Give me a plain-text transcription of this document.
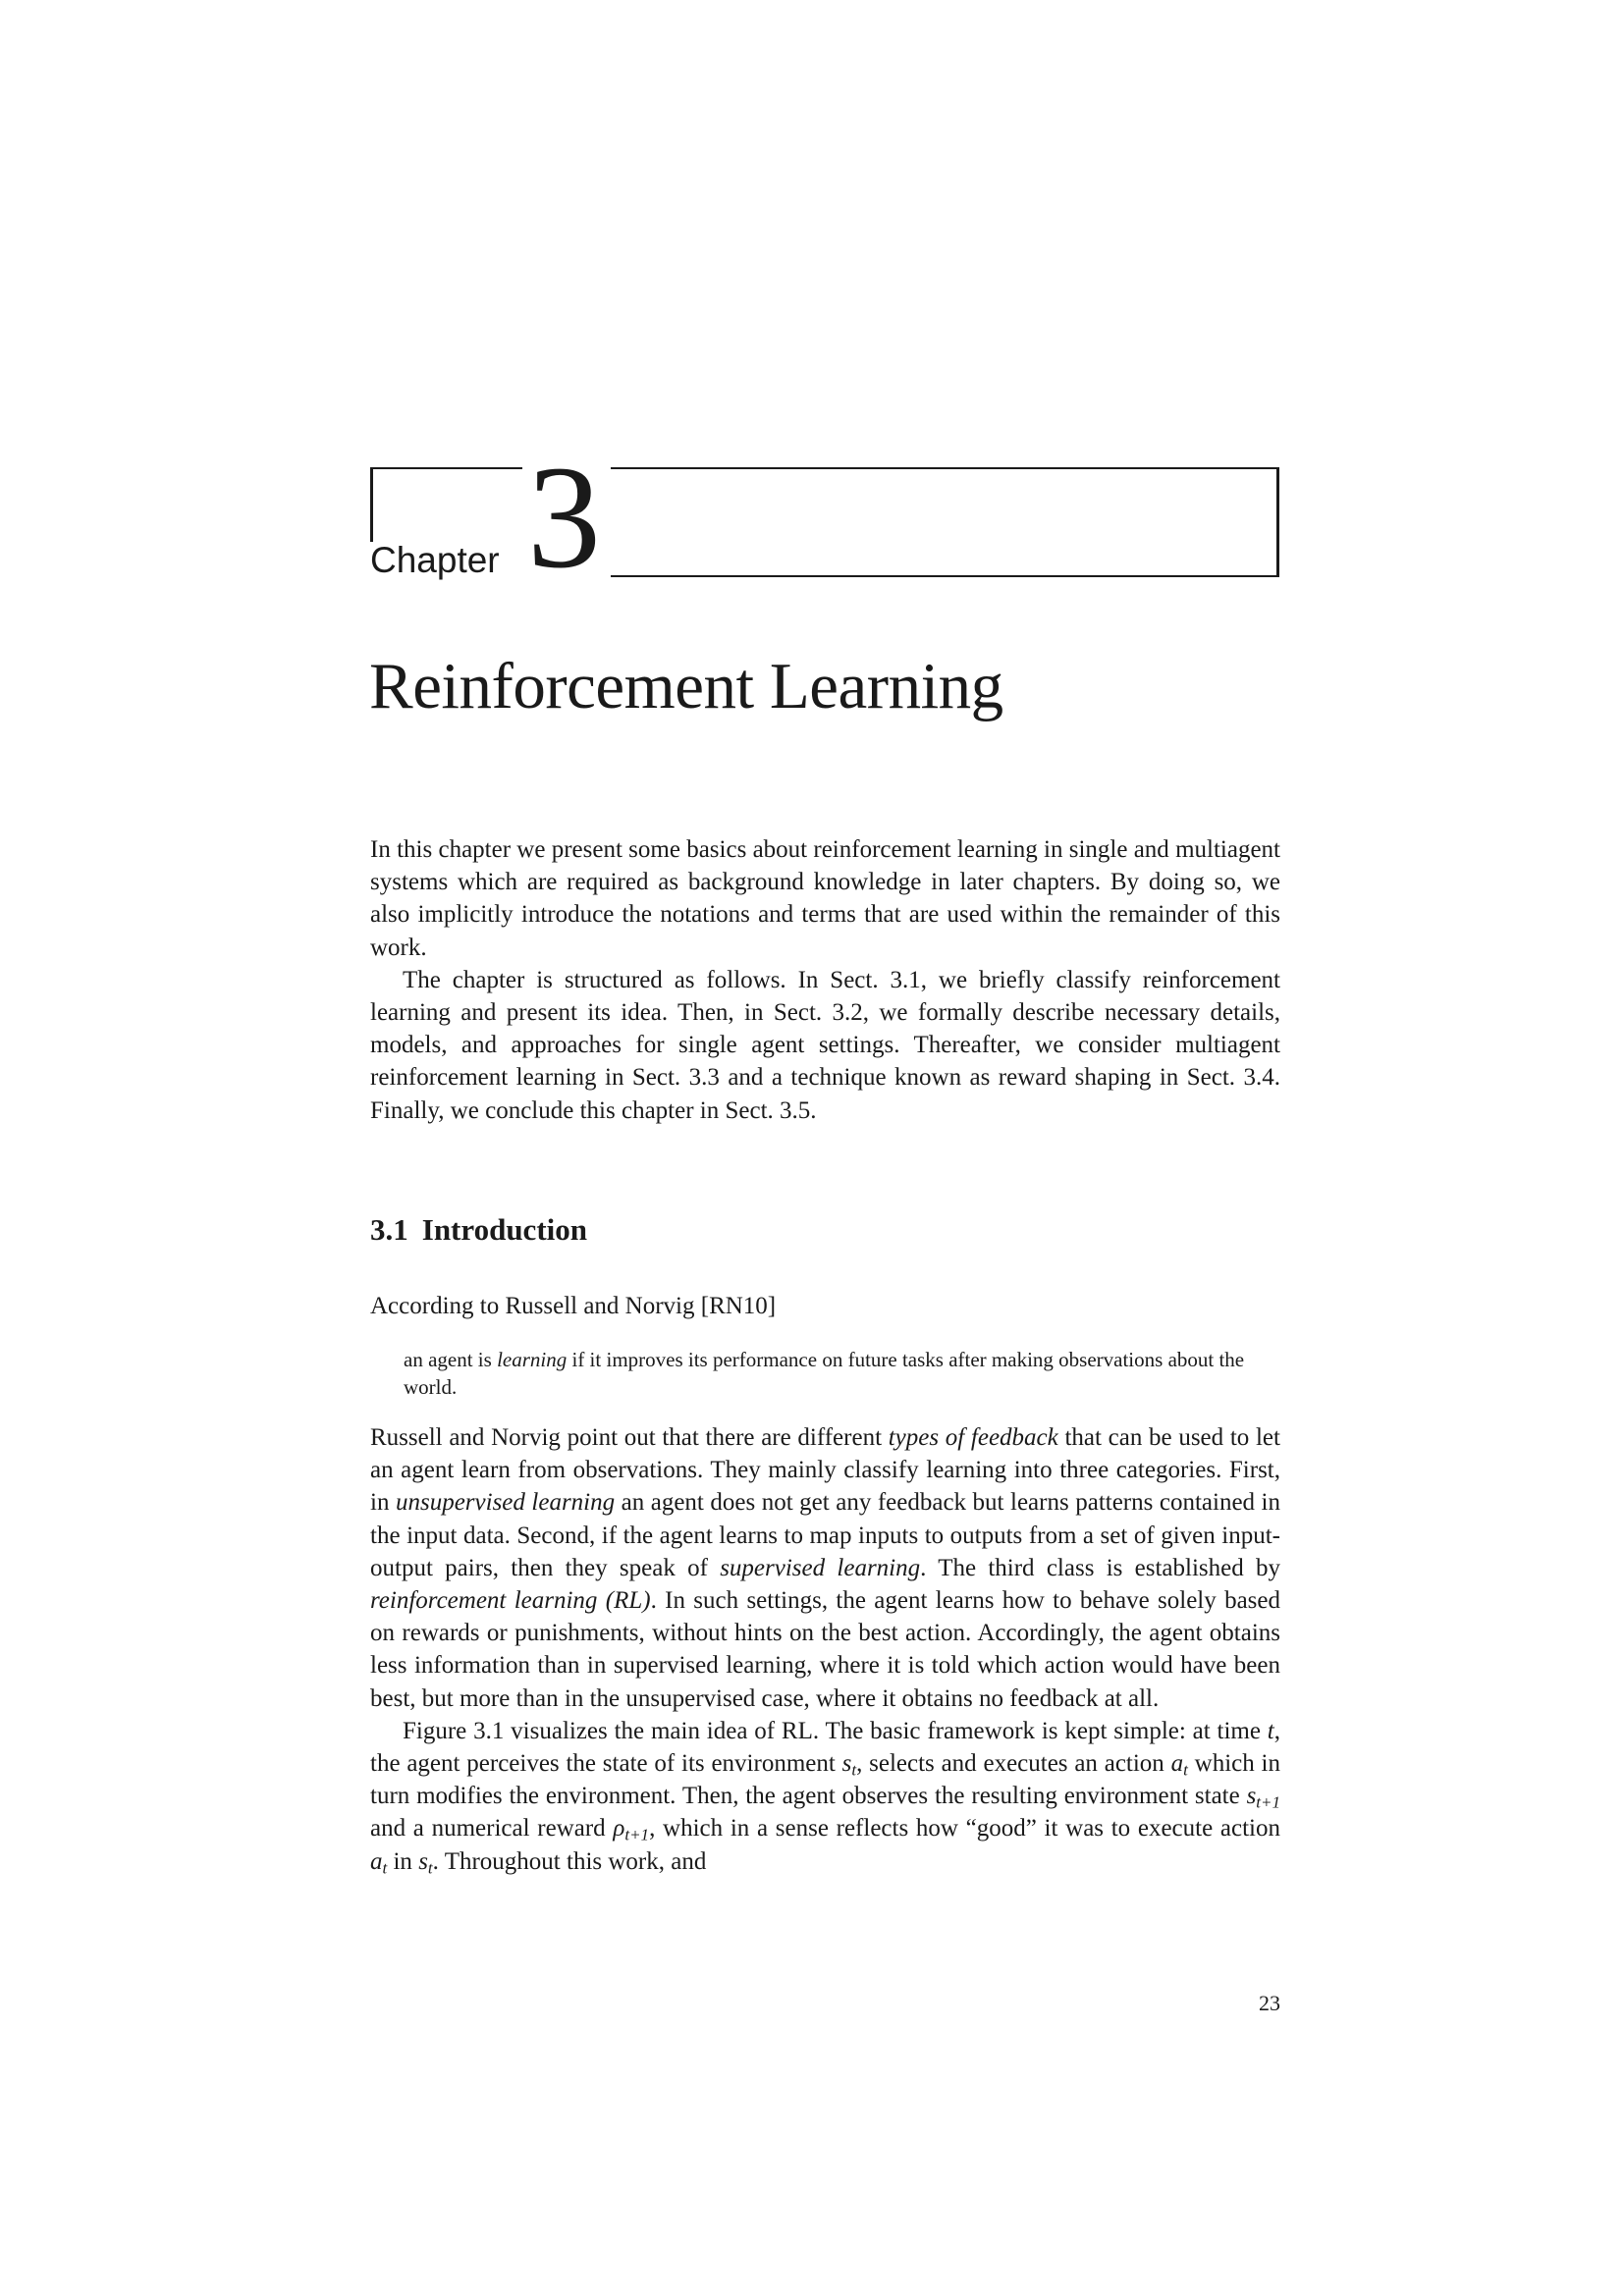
Chapter 3
Reinforcement Learning

In this chapter we present some basics about reinforcement learning in single and multiagent systems which are required as background knowledge in later chapters. By doing so, we also implicitly introduce the notations and terms that are used within the remainder of this work.

The chapter is structured as follows. In Sect. 3.1, we briefly classify reinforcement learning and present its idea. Then, in Sect. 3.2, we formally describe necessary details, models, and approaches for single agent settings. Thereafter, we consider multiagent reinforcement learning in Sect. 3.3 and a technique known as reward shaping in Sect. 3.4. Finally, we conclude this chapter in Sect. 3.5.

3.1 Introduction

According to Russell and Norvig [RN10]

an agent is learning if it improves its performance on future tasks after making observations about the world.

Russell and Norvig point out that there are different types of feedback that can be used to let an agent learn from observations. They mainly classify learning into three categories. First, in unsupervised learning an agent does not get any feedback but learns patterns contained in the input data. Second, if the agent learns to map inputs to outputs from a set of given input-output pairs, then they speak of supervised learning. The third class is established by reinforcement learning (RL). In such settings, the agent learns how to behave solely based on rewards or punishments, without hints on the best action. Accordingly, the agent obtains less information than in supervised learning, where it is told which action would have been best, but more than in the unsupervised case, where it obtains no feedback at all.

Figure 3.1 visualizes the main idea of RL. The basic framework is kept simple: at time t, the agent perceives the state of its environment $s_t$, selects and executes an action $a_t$ which in turn modifies the environment. Then, the agent observes the resulting environment state $s_{t+1}$ and a numerical reward $\rho_{t+1}$, which in a sense reflects how “good” it was to execute action $a_t$ in $s_t$. Throughout this work, and

23
